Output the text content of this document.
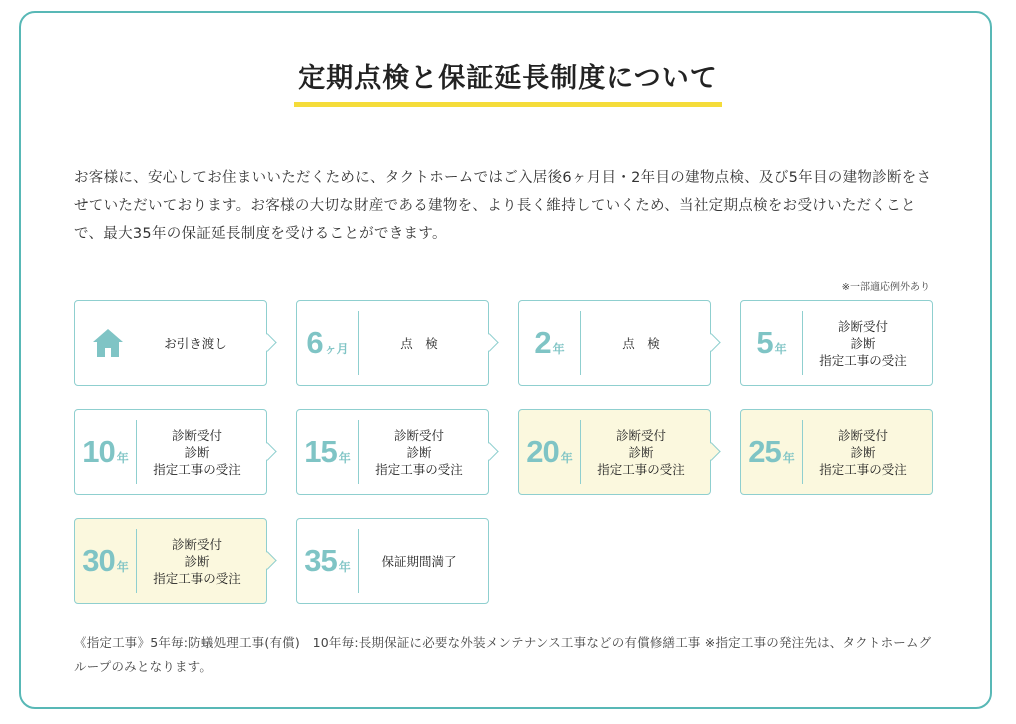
定期点検と保証延長制度について
お客様に、安心してお住まいいただくために、タクトホームではご入居後6ヶ月目・2年目の建物点検、及び5年目の建物診断をさせていただいております。お客様の大切な財産である建物を、より長く維持していくため、当社定期点検をお受けいただくことで、最大35年の保証延長制度を受けることができます。
※一部適応例外あり
お引き渡し	6 ヶ月	点　検	2 年	点　検	5 年
診断受付
診断
指定工事の受注
10 年
診断受付
診断
指定工事の受注	15 年
診断受付
診断
指定工事の受注	20 年
診断受付
診断
指定工事の受注	25 年
診断受付
診断
指定工事の受注
30 年
診断受付
診断
指定工事の受注	35 年	保証期間満了
《指定工事》5年毎:防蟻処理工事(有償)　10年毎:長期保証に必要な外装メンテナンス工事などの有償修繕工事 ※指定工事の発注先は、タクトホームグループのみとなります。
